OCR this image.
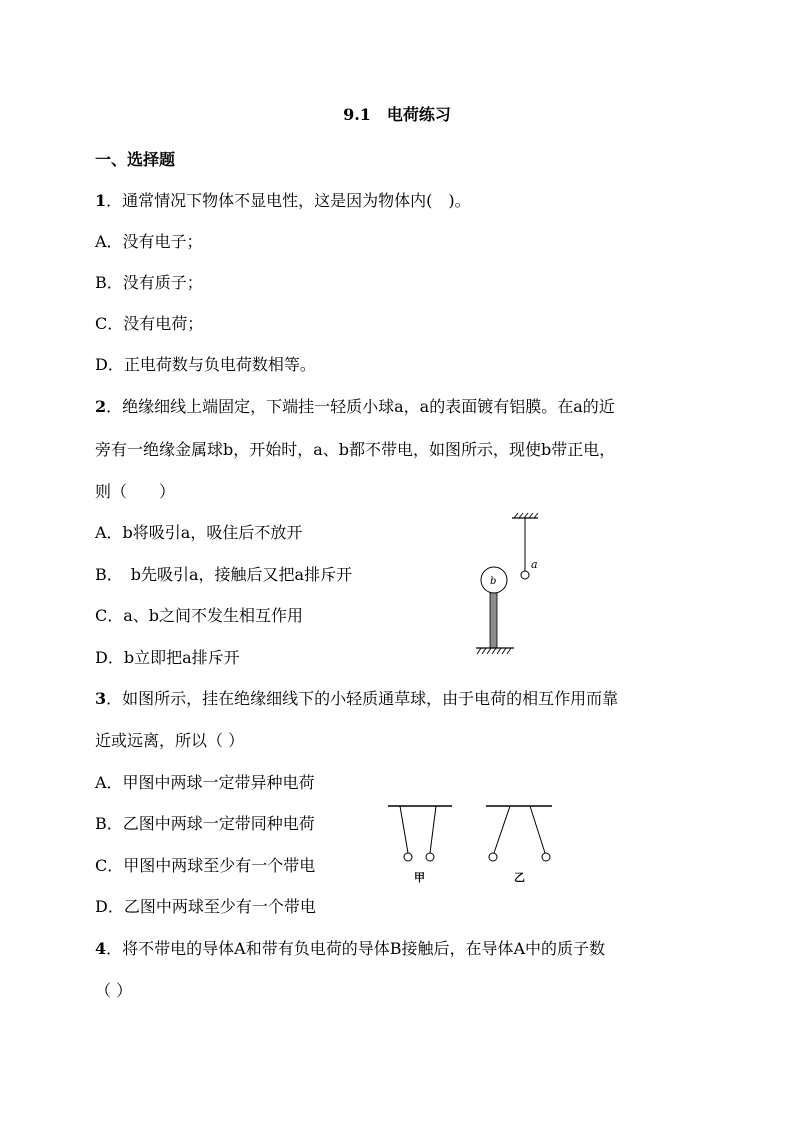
9.1　电荷练习
一、选择题
1．通常情况下物体不显电性，这是因为物体内(　)。
A．没有电子；
B．没有质子；
C．没有电荷；
D．正电荷数与负电荷数相等。
2．绝缘细线上端固定，下端挂一轻质小球a，a的表面镀有铝膜。在a的近
旁有一绝缘金属球b，开始时，a、b都不带电，如图所示，现使b带正电，
则（　　）
A．b将吸引a，吸住后不放开
B．　b先吸引a，接触后又把a排斥开
C．a、b之间不发生相互作用
D．b立即把a排斥开
a
b
3．如图所示，挂在绝缘细线下的小轻质通草球，由于电荷的相互作用而靠
近或远离，所以（ ）
A．甲图中两球一定带异种电荷
B．乙图中两球一定带同种电荷
C．甲图中两球至少有一个带电
D．乙图中两球至少有一个带电
甲	乙
4．将不带电的导体A和带有负电荷的导体B接触后，在导体A中的质子数
（ ）
